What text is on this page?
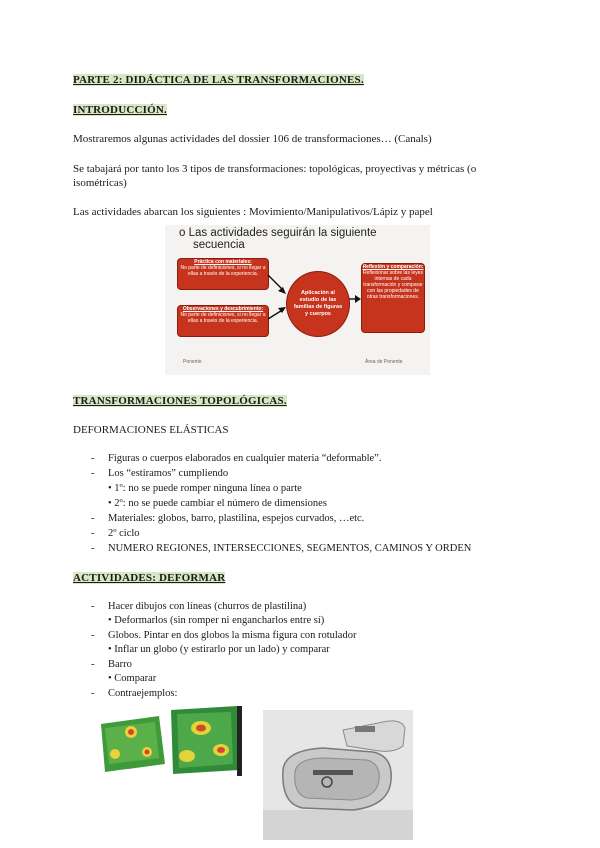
PARTE 2: DIDÁCTICA DE LAS TRANSFORMACIONES.
INTRODUCCIÓN.
Mostraremos algunas actividades del dossier 106 de transformaciones… (Canals)
Se tabajará por tanto los 3 tipos de transformaciones: topológicas, proyectivas y métricas (o
isométricas)
Las actividades abarcan los siguientes : Movimiento/Manipulativos/Lápiz y papel
o Las actividades seguirán la siguiente
secuencia
Práctica con materiales:
No parte de definiciones, si no llegar a ellas a través de la experiencia.
Observaciones y descubrimiento:
No parte de definiciones, si no llegar a ellas a través de la experiencia.
Aplicación al estudio de las familias de figuras y cuerpos
Reflexión y comparación:
Reflexionar sobre las leyes internas de cada transformación y comparar con las propiedades de otras transformaciones.
Ponente	Área de Ponente
TRANSFORMACIONES TOPOLÓGICAS.
DEFORMACIONES ELÁSTICAS
- Figuras o cuerpos elaborados en cualquier materia “deformable”.
- Los “estiramos” cumpliendo
• 1º: no se puede romper ninguna línea o parte
• 2º: no se puede cambiar el número de dimensiones
- Materiales: globos, barro, plastilina, espejos curvados, …etc.
- 2º ciclo
- NUMERO REGIONES, INTERSECCIONES, SEGMENTOS, CAMINOS Y ORDEN
ACTIVIDADES: DEFORMAR
- Hacer dibujos con líneas (churros de plastilina)
• Deformarlos (sin romper ni engancharlos entre sí)
- Globos. Pintar en dos globos la misma figura con rotulador
• Inflar un globo (y estirarlo por un lado) y comparar
- Barro
• Comparar
- Contraejemplos:
